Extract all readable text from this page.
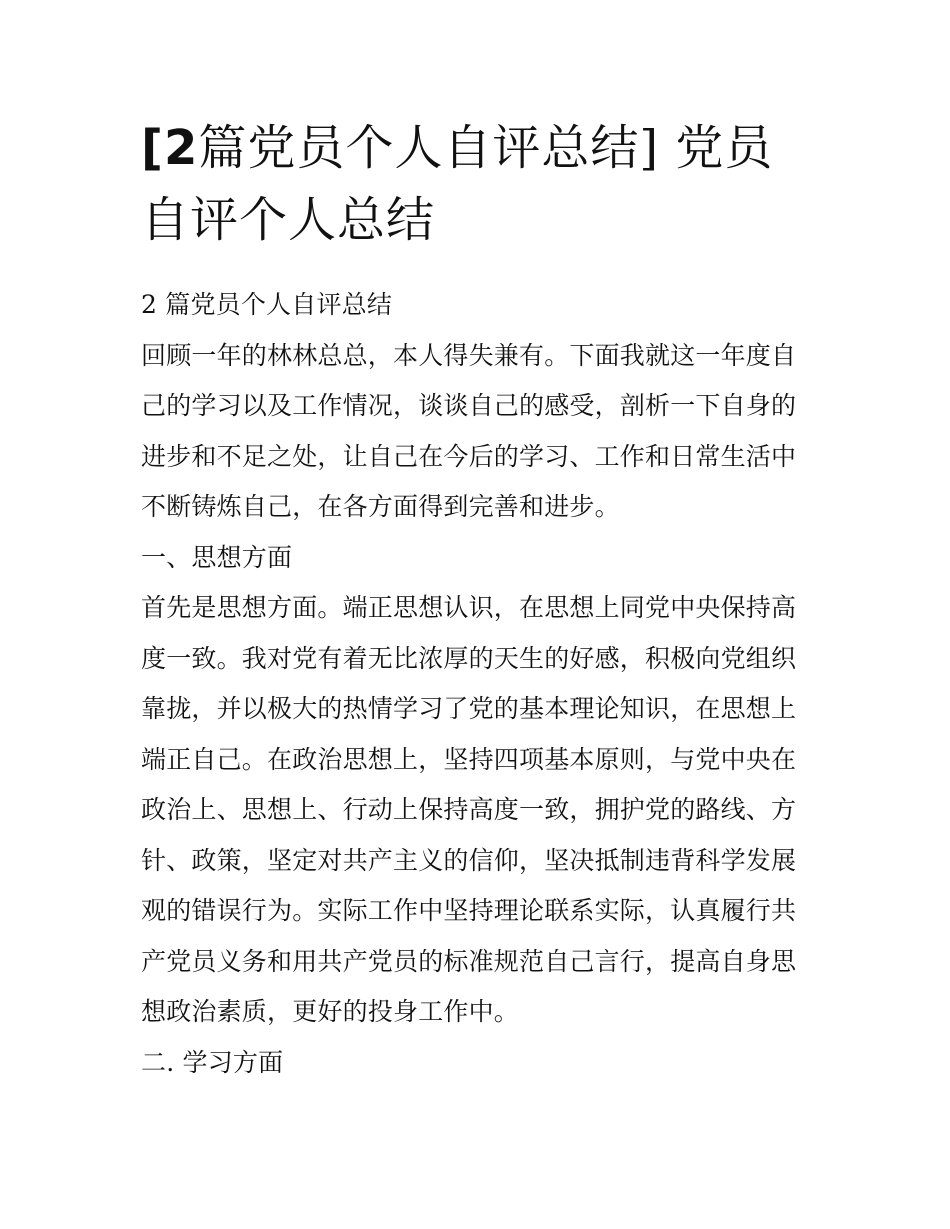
[2篇党员个人自评总结] 党员自评个人总结

2 篇党员个人自评总结

回顾一年的林林总总，本人得失兼有。下面我就这一年度自己的学习以及工作情况，谈谈自己的感受，剖析一下自身的进步和不足之处，让自己在今后的学习、工作和日常生活中不断铸炼自己，在各方面得到完善和进步。

一、思想方面

首先是思想方面。端正思想认识，在思想上同党中央保持高度一致。我对党有着无比浓厚的天生的好感，积极向党组织靠拢，并以极大的热情学习了党的基本理论知识，在思想上端正自己。在政治思想上，坚持四项基本原则，与党中央在政治上、思想上、行动上保持高度一致，拥护党的路线、方针、政策，坚定对共产主义的信仰，坚决抵制违背科学发展观的错误行为。实际工作中坚持理论联系实际，认真履行共产党员义务和用共产党员的标准规范自己言行，提高自身思想政治素质，更好的投身工作中。

二. 学习方面
